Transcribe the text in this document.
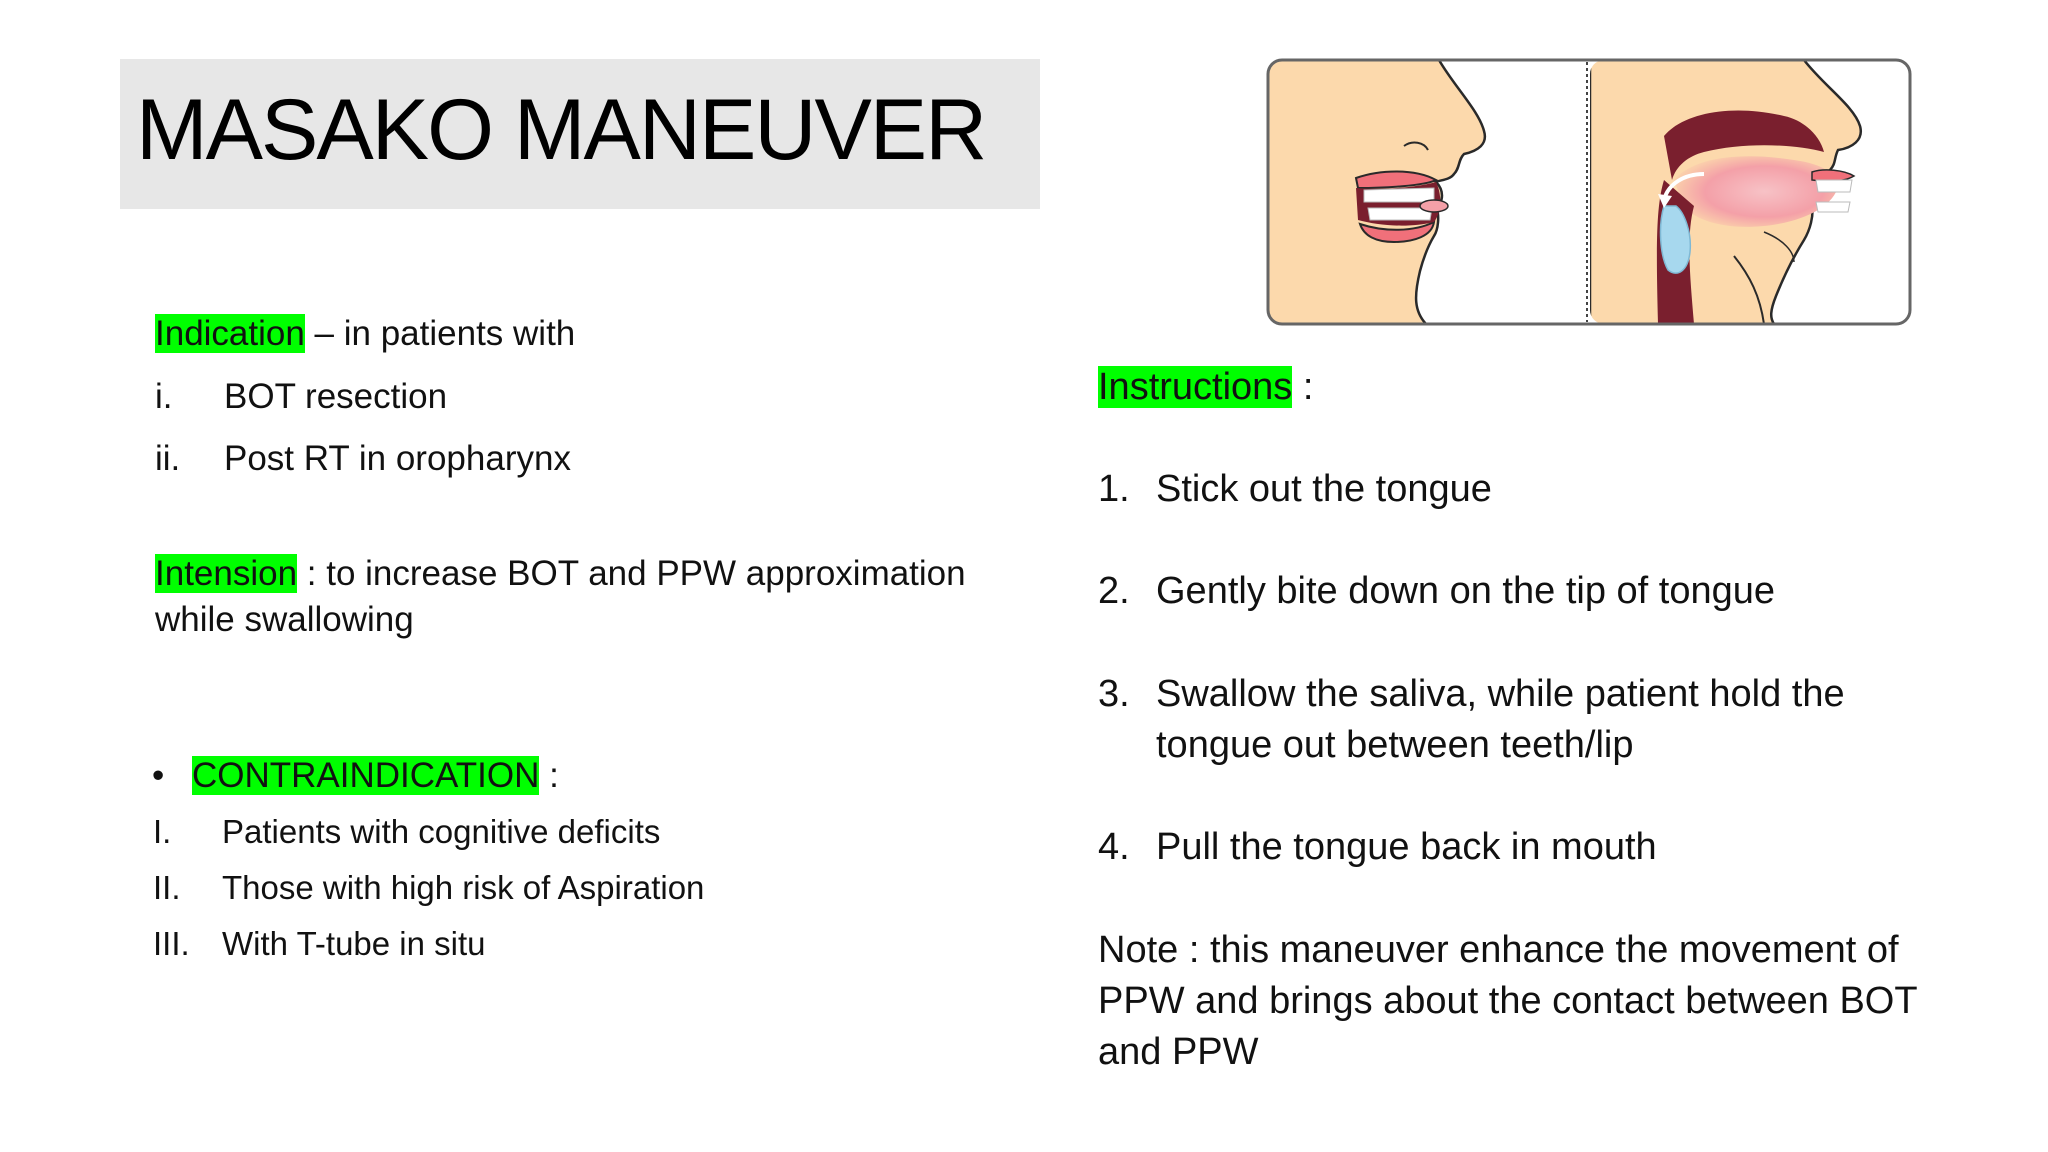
MASAKO MANEUVER
Indication – in patients with
i. BOT resection
ii. Post RT in oropharynx
Intension : to increase BOT and PPW approximation
while swallowing
• CONTRAINDICATION :
I. Patients with cognitive deficits
II. Those with high risk of Aspiration
III. With T-tube in situ
Instructions :
1. Stick out the tongue
2. Gently bite down on the tip of tongue
3. Swallow the saliva, while patient hold the
tongue out between teeth/lip
4. Pull the tongue back in mouth
Note : this maneuver enhance the movement of
PPW and brings about the contact between BOT
and PPW
